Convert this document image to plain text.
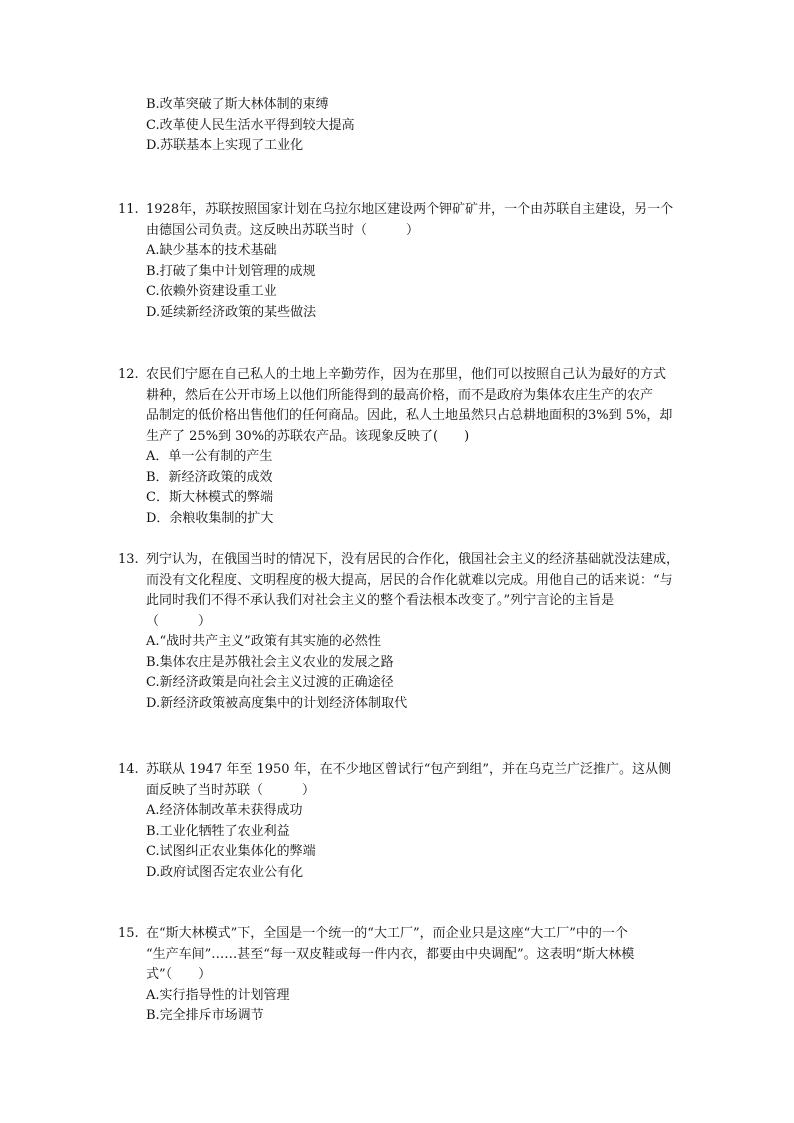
B.改革突破了斯大林体制的束缚
C.改革使人民生活水平得到较大提高
D.苏联基本上实现了工业化
11. 1928年，苏联按照国家计划在乌拉尔地区建设两个钾矿矿井，一个由苏联自主建设，另一个
由德国公司负责。这反映出苏联当时（　　　）
A.缺少基本的技术基础
B.打破了集中计划管理的成规
C.依赖外资建设重工业
D.延续新经济政策的某些做法
12. 农民们宁愿在自己私人的土地上辛勤劳作，因为在那里，他们可以按照自己认为最好的方式
耕种，然后在公开市场上以他们所能得到的最高价格，而不是政府为集体农庄生产的农产
品制定的低价格出售他们的任何商品。因此，私人土地虽然只占总耕地面积的3%到 5%，却
生产了 25%到 30%的苏联农产品。该现象反映了(　　)
A．单一公有制的产生
B．新经济政策的成效
C．斯大林模式的弊端
D．余粮收集制的扩大
13. 列宁认为，在俄国当时的情况下，没有居民的合作化，俄国社会主义的经济基础就没法建成，
而没有文化程度、文明程度的极大提高，居民的合作化就难以完成。用他自己的话来说：“与
此同时我们不得不承认我们对社会主义的整个看法根本改变了。”列宁言论的主旨是
（　　　）
A.“战时共产主义”政策有其实施的必然性
B.集体农庄是苏俄社会主义农业的发展之路
C.新经济政策是向社会主义过渡的正确途径
D.新经济政策被高度集中的计划经济体制取代
14. 苏联从 1947 年至 1950 年，在不少地区曾试行“包产到组”，并在乌克兰广泛推广。这从侧
面反映了当时苏联（　　　）
A.经济体制改革未获得成功
B.工业化牺牲了农业利益
C.试图纠正农业集体化的弊端
D.政府试图否定农业公有化
15. 在“斯大林模式”下，全国是一个统一的“大工厂”，而企业只是这座“大工厂”中的一个
“生产车间”……甚至“每一双皮鞋或每一件内衣，都要由中央调配”。这表明“斯大林模
式”（　　）
A.实行指导性的计划管理
B.完全排斥市场调节
